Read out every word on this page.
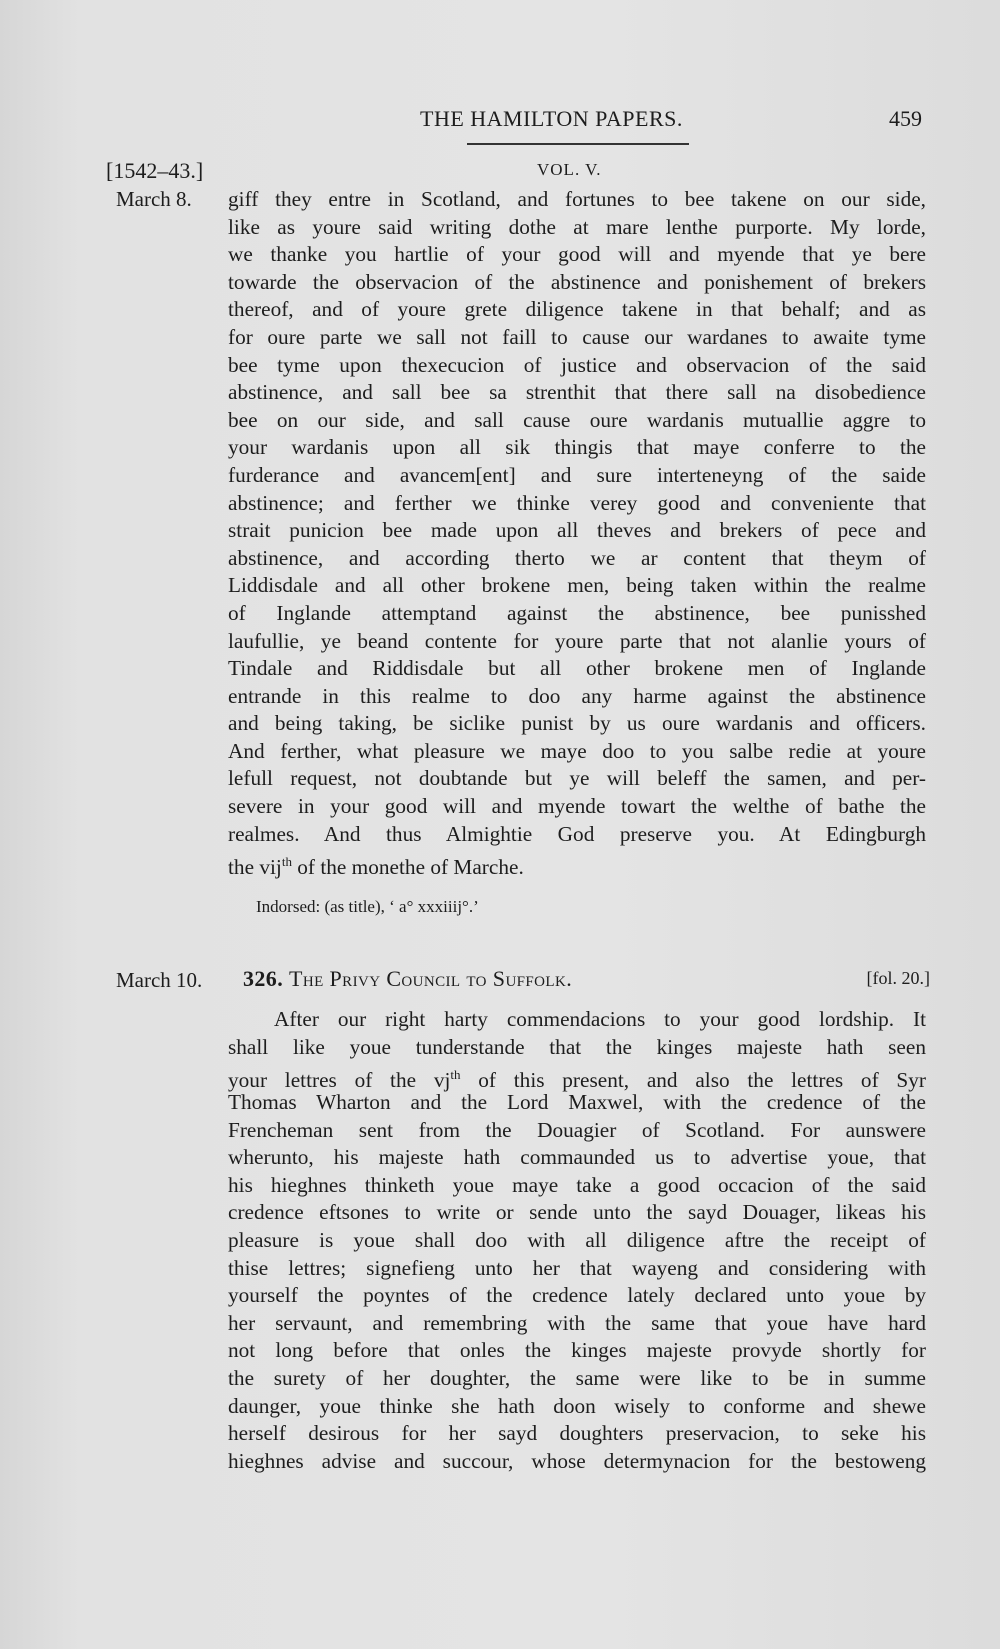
THE HAMILTON PAPERS.	459
[1542–43.]	VOL. V.
March 8. giff they entre in Scotland, and fortunes to bee takene on our side,
like as youre said writing dothe at mare lenthe purporte. My lorde,
we thanke you hartlie of your good will and myende that ye bere
towarde the observacion of the abstinence and ponishement of brekers
thereof, and of youre grete diligence takene in that behalf; and as
for oure parte we sall not faill to cause our wardanes to awaite tyme
bee tyme upon thexecucion of justice and observacion of the said
abstinence, and sall bee sa strenthit that there sall na disobedience
bee on our side, and sall cause oure wardanis mutuallie aggre to
your wardanis upon all sik thingis that maye conferre to the
furderance and avancem[ent] and sure interteneyng of the saide
abstinence; and ferther we thinke verey good and conveniente that
strait punicion bee made upon all theves and brekers of pece and
abstinence, and according therto we ar content that theym of
Liddisdale and all other brokene men, being taken within the realme
of Inglande attemptand against the abstinence, bee punisshed
laufullie, ye beand contente for youre parte that not alanlie yours of
Tindale and Riddisdale but all other brokene men of Inglande
entrande in this realme to doo any harme against the abstinence
and being taking, be siclike punist by us oure wardanis and officers.
And ferther, what pleasure we maye doo to you salbe redie at youre
lefull request, not doubtande but ye will beleff the samen, and per-
severe in your good will and myende towart the welthe of bathe the
realmes. And thus Almightie God preserve you. At Edingburgh
the vij$^{th}$ of the monethe of Marche.
Indorsed: (as title), ‘ a° xxxiiij°.’
March 10. 326. The Privy Council to Suffolk.	[fol. 20.]
After our right harty commendacions to your good lordship. It
shall like youe tunderstande that the kinges majeste hath seen
your lettres of the $vj^{th}$ of this present, and also the lettres of Syr
Thomas Wharton and the Lord Maxwel, with the credence of the
Frencheman sent from the Douagier of Scotland. For aunswere
wherunto, his majeste hath commaunded us to advertise youe, that
his hieghnes thinketh youe maye take a good occacion of the said
credence eftsones to write or sende unto the sayd Douager, likeas his
pleasure is youe shall doo with all diligence aftre the receipt of
thise lettres; signefieng unto her that wayeng and considering with
yourself the poyntes of the credence lately declared unto youe by
her servaunt, and remembring with the same that youe have hard
not long before that onles the kinges majeste provyde shortly for
the surety of her doughter, the same were like to be in summe
daunger, youe thinke she hath doon wisely to conforme and shewe
herself desirous for her sayd doughters preservacion, to seke his
hieghnes advise and succour, whose determynacion for the bestoweng
